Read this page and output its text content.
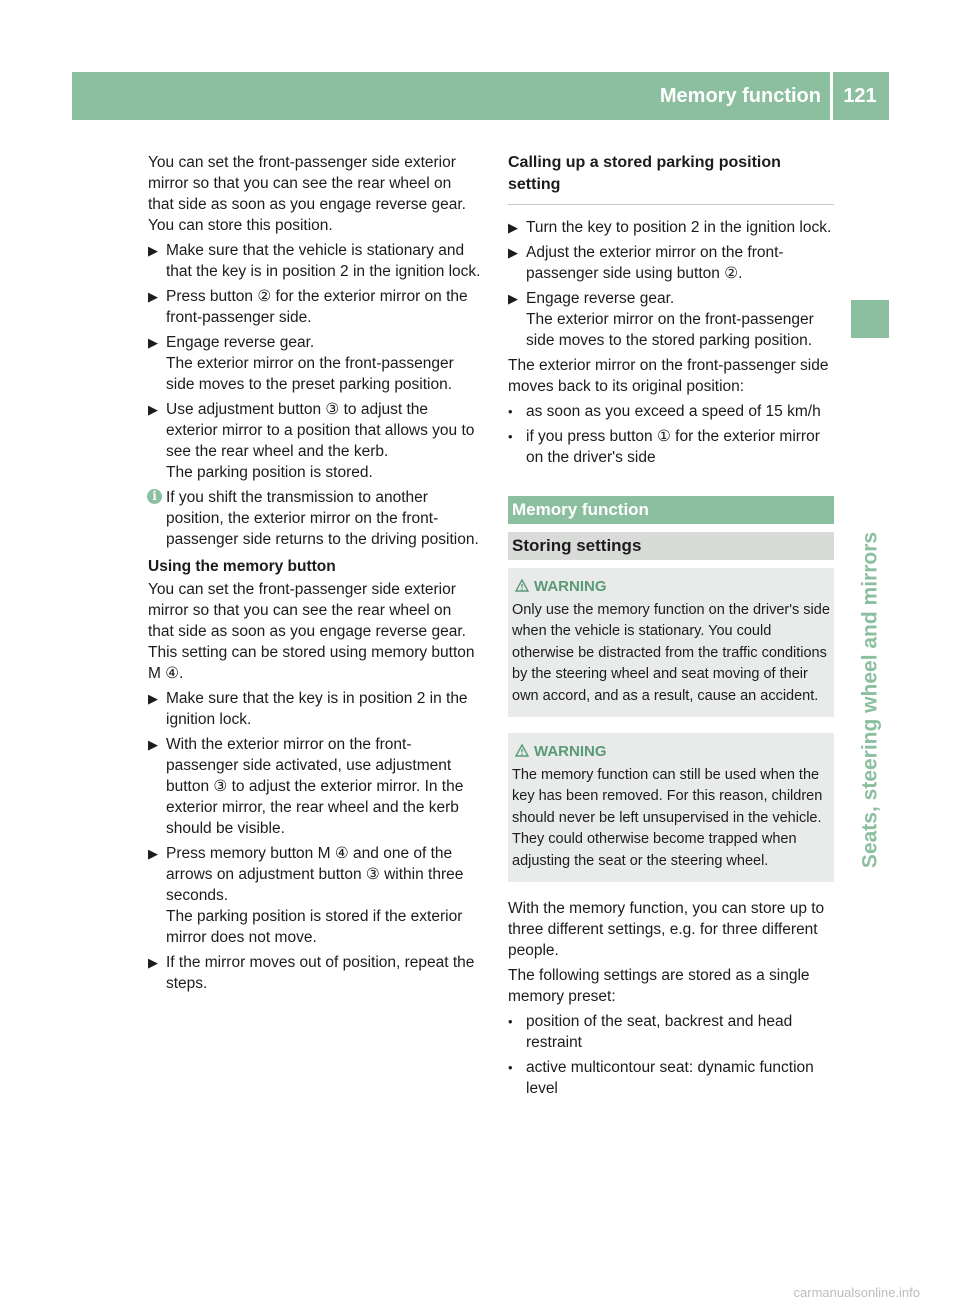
Memory function	121
Seats, steering wheel and mirrors

You can set the front-passenger side exterior mirror so that you can see the rear wheel on that side as soon as you engage reverse gear. You can store this position.

▶ Make sure that the vehicle is stationary and that the key is in position 2 in the ignition lock.
▶ Press button ② for the exterior mirror on the front-passenger side.
▶ Engage reverse gear.
The exterior mirror on the front-passenger side moves to the preset parking position.
▶ Use adjustment button ③ to adjust the exterior mirror to a position that allows you to see the rear wheel and the kerb.
The parking position is stored.
i If you shift the transmission to another position, the exterior mirror on the front-passenger side returns to the driving position.
Using the memory button

You can set the front-passenger side exterior mirror so that you can see the rear wheel on that side as soon as you engage reverse gear. This setting can be stored using memory button M ④.

▶ Make sure that the key is in position 2 in the ignition lock.
▶ With the exterior mirror on the front-passenger side activated, use adjustment button ③ to adjust the exterior mirror. In the exterior mirror, the rear wheel and the kerb should be visible.
▶ Press memory button M ④ and one of the arrows on adjustment button ③ within three seconds.
The parking position is stored if the exterior mirror does not move.
▶ If the mirror moves out of position, repeat the steps.
Calling up a stored parking position setting
▶ Turn the key to position 2 in the ignition lock.
▶ Adjust the exterior mirror on the front-passenger side using button ②.
▶ Engage reverse gear.
The exterior mirror on the front-passenger side moves to the stored parking position.

The exterior mirror on the front-passenger side moves back to its original position:

• as soon as you exceed a speed of 15 km/h
• if you press button ① for the exterior mirror on the driver's side
Memory function
Storing settings
WARNING
Only use the memory function on the driver's side when the vehicle is stationary. You could otherwise be distracted from the traffic conditions by the steering wheel and seat moving of their own accord, and as a result, cause an accident.
WARNING
The memory function can still be used when the key has been removed. For this reason, children should never be left unsupervised in the vehicle. They could otherwise become trapped when adjusting the seat or the steering wheel.

With the memory function, you can store up to three different settings, e.g. for three different people.

The following settings are stored as a single memory preset:

• position of the seat, backrest and head restraint
• active multicontour seat: dynamic function level
carmanualsonline.info
